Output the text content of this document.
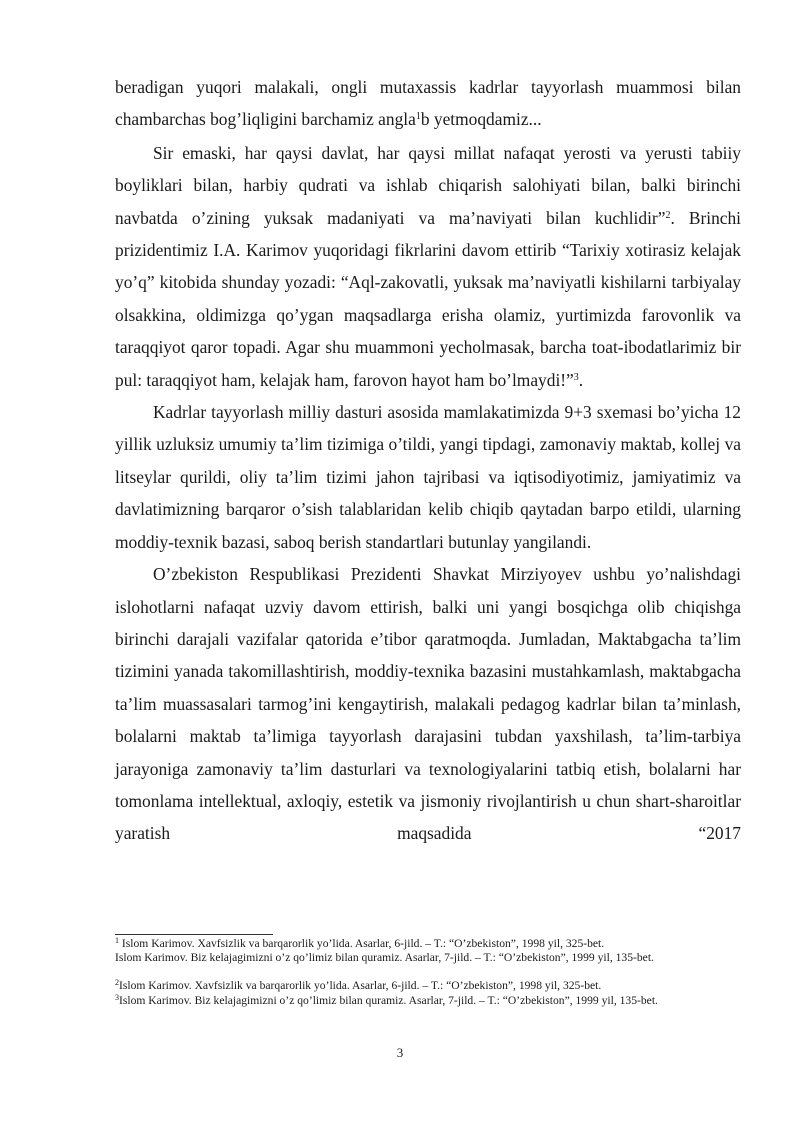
beradigan yuqori malakali, ongli mutaxassis kadrlar tayyorlash muammosi bilan chambarchas bog’liqligini barchamiz angla$^1$b yetmoqdamiz...

Sir emaski, har qaysi davlat, har qaysi millat nafaqat yerosti va yerusti tabiiy boyliklari bilan, harbiy qudrati va ishlab chiqarish salohiyati bilan, balki birinchi navbatda o’zining yuksak madaniyati va ma’naviyati bilan kuchlidir”$^2$. Brinchi prizidentimiz I.A. Karimov yuqoridagi fikrlarini davom ettirib “Tarixiy xotirasiz kelajak yo’q” kitobida shunday yozadi: “Aql-zakovatli, yuksak ma’naviyatli kishilarni tarbiyalay olsakkina, oldimizga qo’ygan maqsadlarga erisha olamiz, yurtimizda farovonlik va taraqqiyot qaror topadi. Agar shu muammoni yecholmasak, barcha toat-ibodatlarimiz bir pul: taraqqiyot ham, kelajak ham, farovon hayot ham bo’lmaydi!”$^3$.

Kadrlar tayyorlash milliy dasturi asosida mamlakatimizda 9+3 sxemasi bo’yicha 12 yillik uzluksiz umumiy ta’lim tizimiga o’tildi, yangi tipdagi, zamonaviy maktab, kollej va litseylar qurildi, oliy ta’lim tizimi jahon tajribasi va iqtisodiyotimiz, jamiyatimiz va davlatimizning barqaror o’sish talablaridan kelib chiqib qaytadan barpo etildi, ularning moddiy-texnik bazasi, saboq berish standartlari butunlay yangilandi.

O’zbekiston Respublikasi Prezidenti Shavkat Mirziyoyev ushbu yo’nalishdagi islohotlarni nafaqat uzviy davom ettirish, balki uni yangi bosqichga olib chiqishga birinchi darajali vazifalar qatorida e’tibor qaratmoqda. Jumladan, Maktabgacha ta’lim tizimini yanada takomillashtirish, moddiy-texnika bazasini mustahkamlash, maktabgacha ta’lim muassasalari tarmog’ini kengaytirish, malakali pedagog kadrlar bilan ta’minlash, bolalarni maktab ta’limiga tayyorlash darajasini tubdan yaxshilash, ta’lim-tarbiya jarayoniga zamonaviy ta’lim dasturlari va texnologiyalarini tatbiq etish, bolalarni har tomonlama intellektual, axloqiy, estetik va jismoniy rivojlantirish u chun shart-sharoitlar yaratish maqsadida “2017

$^1$ Islom Karimov. Xavfsizlik va barqarorlik yo’lida. Asarlar, 6-jild. – T.: “O’zbekiston”, 1998 yil, 325-bet.

Islom Karimov. Biz kelajagimizni o’z qo’limiz bilan quramiz. Asarlar, 7-jild. – T.: “O’zbekiston”, 1999 yil, 135-bet.

$^2$Islom Karimov. Xavfsizlik va barqarorlik yo’lida. Asarlar, 6-jild. – T.: “O’zbekiston”, 1998 yil, 325-bet.

$^3$Islom Karimov. Biz kelajagimizni o’z qo’limiz bilan quramiz. Asarlar, 7-jild. – T.: “O’zbekiston”, 1999 yil, 135-bet.

3
